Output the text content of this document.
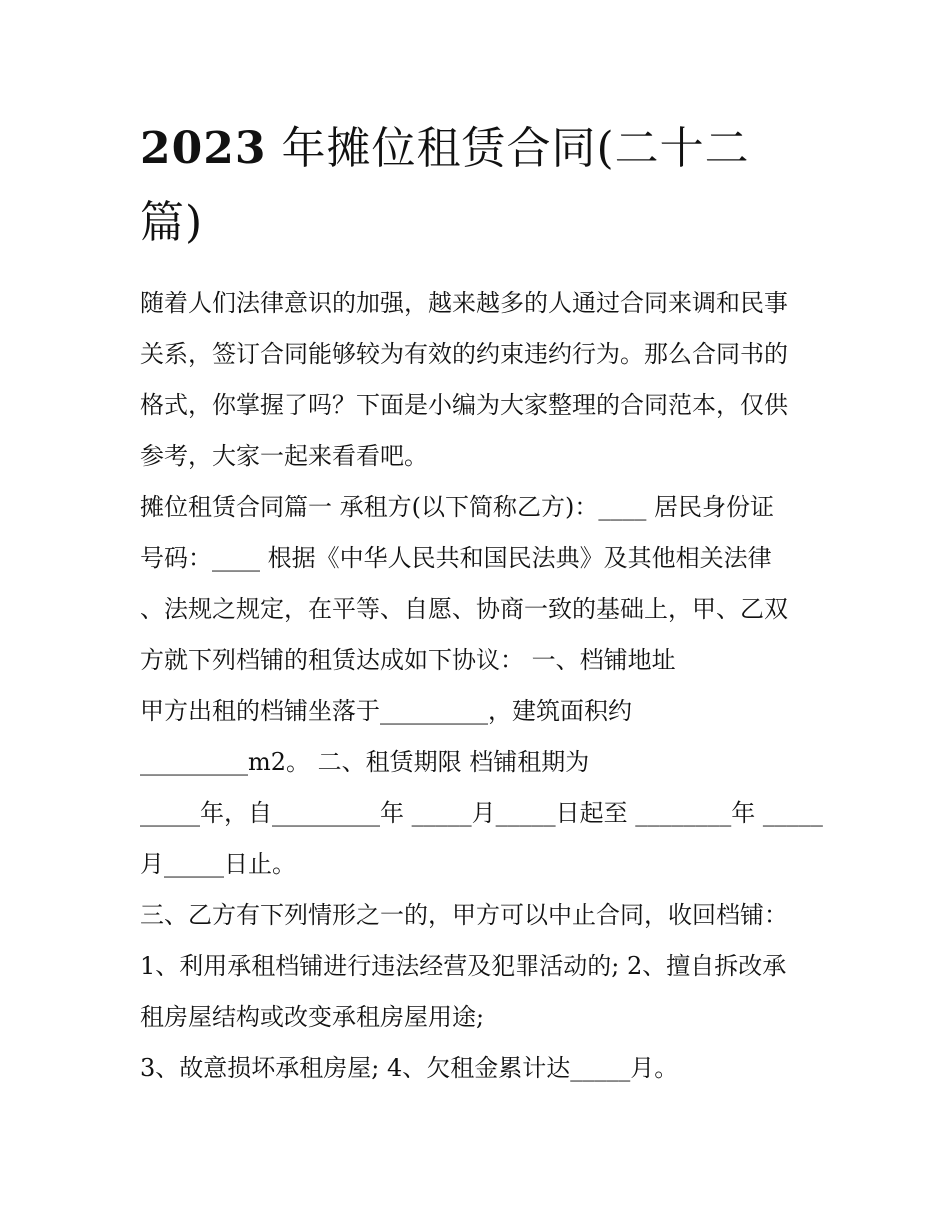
2023 年摊位租赁合同(二十二
篇)

随着人们法律意识的加强，越来越多的人通过合同来调和民事

关系，签订合同能够较为有效的约束违约行为。那么合同书的

格式，你掌握了吗？下面是小编为大家整理的合同范本，仅供

参考，大家一起来看看吧。

摊位租赁合同篇一 承租方(以下简称乙方)：____ 居民身份证

号码：____ 根据《中华人民共和国民法典》及其他相关法律

、法规之规定，在平等、自愿、协商一致的基础上，甲、乙双

方就下列档铺的租赁达成如下协议： 一、档铺地址

甲方出租的档铺坐落于_________，建筑面积约

_________m2。 二、租赁期限 档铺租期为

_____年，自_________年 _____月_____日起至 ________年 _____

月_____日止。

三、乙方有下列情形之一的，甲方可以中止合同，收回档铺：

1、利用承租档铺进行违法经营及犯罪活动的; 2、擅自拆改承

租房屋结构或改变承租房屋用途;

3、故意损坏承租房屋; 4、欠租金累计达_____月。
